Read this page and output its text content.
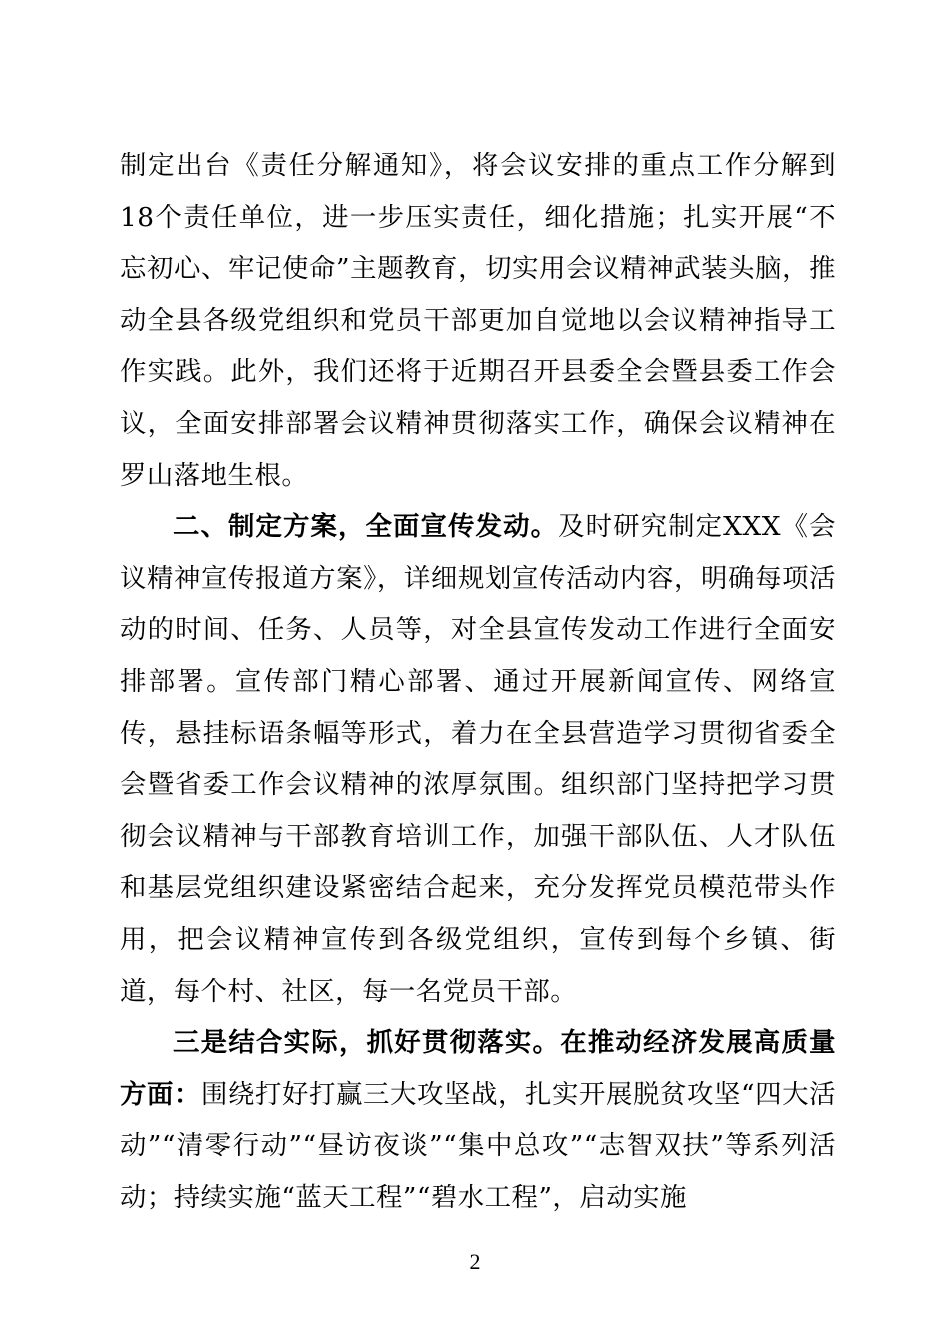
制定出台《责任分解通知》，将会议安排的重点工作分解到18个责任单位，进一步压实责任，细化措施；扎实开展“不忘初心、牢记使命”主题教育，切实用会议精神武装头脑，推动全县各级党组织和党员干部更加自觉地以会议精神指导工作实践。此外，我们还将于近期召开县委全会暨县委工作会议，全面安排部署会议精神贯彻落实工作，确保会议精神在罗山落地生根。

二、制定方案，全面宣传发动。及时研究制定XXX《会议精神宣传报道方案》，详细规划宣传活动内容，明确每项活动的时间、任务、人员等，对全县宣传发动工作进行全面安排部署。宣传部门精心部署、通过开展新闻宣传、网络宣传，悬挂标语条幅等形式，着力在全县营造学习贯彻省委全会暨省委工作会议精神的浓厚氛围。组织部门坚持把学习贯彻会议精神与干部教育培训工作，加强干部队伍、人才队伍和基层党组织建设紧密结合起来，充分发挥党员模范带头作用，把会议精神宣传到各级党组织，宣传到每个乡镇、街道，每个村、社区，每一名党员干部。

三是结合实际，抓好贯彻落实。在推动经济发展高质量方面：围绕打好打赢三大攻坚战，扎实开展脱贫攻坚“四大活动”“清零行动”“昼访夜谈”“集中总攻”“志智双扶”等系列活动；持续实施“蓝天工程”“碧水工程”，启动实施

2
